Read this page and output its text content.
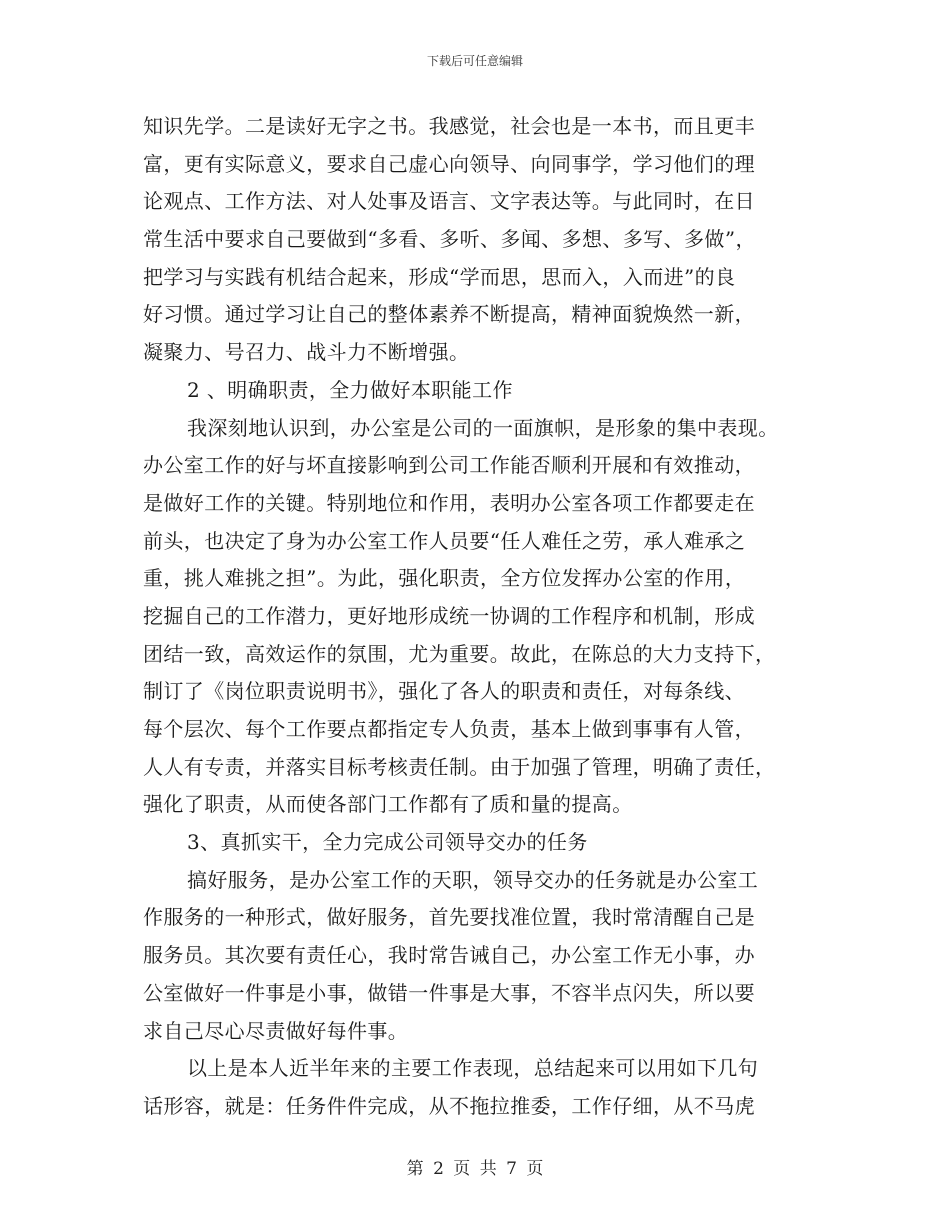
下载后可任意编辑
知识先学。二是读好无字之书。我感觉，社会也是一本书，而且更丰
富，更有实际意义，要求自己虚心向领导、向同事学，学习他们的理
论观点、工作方法、对人处事及语言、文字表达等。与此同时，在日
常生活中要求自己要做到“多看、多听、多闻、多想、多写、多做”，
把学习与实践有机结合起来，形成“学而思，思而入，入而进”的良
好习惯。通过学习让自己的整体素养不断提高，精神面貌焕然一新，
凝聚力、号召力、战斗力不断增强。
2 、明确职责，全力做好本职能工作
我深刻地认识到，办公室是公司的一面旗帜，是形象的集中表现。
办公室工作的好与坏直接影响到公司工作能否顺利开展和有效推动，
是做好工作的关键。特别地位和作用，表明办公室各项工作都要走在
前头，也决定了身为办公室工作人员要“任人难任之劳，承人难承之
重，挑人难挑之担”。为此，强化职责，全方位发挥办公室的作用，
挖掘自己的工作潜力，更好地形成统一协调的工作程序和机制，形成
团结一致，高效运作的氛围，尤为重要。故此，在陈总的大力支持下，
制订了《岗位职责说明书》，强化了各人的职责和责任，对每条线、
每个层次、每个工作要点都指定专人负责，基本上做到事事有人管，
人人有专责，并落实目标考核责任制。由于加强了管理，明确了责任，
强化了职责，从而使各部门工作都有了质和量的提高。
3、真抓实干，全力完成公司领导交办的任务
搞好服务，是办公室工作的天职，领导交办的任务就是办公室工
作服务的一种形式，做好服务，首先要找准位置，我时常清醒自己是
服务员。其次要有责任心，我时常告诫自己，办公室工作无小事，办
公室做好一件事是小事，做错一件事是大事，不容半点闪失，所以要
求自己尽心尽责做好每件事。
以上是本人近半年来的主要工作表现，总结起来可以用如下几句
话形容，就是：任务件件完成，从不拖拉推委，工作仔细，从不马虎
第 2 页 共 7 页
